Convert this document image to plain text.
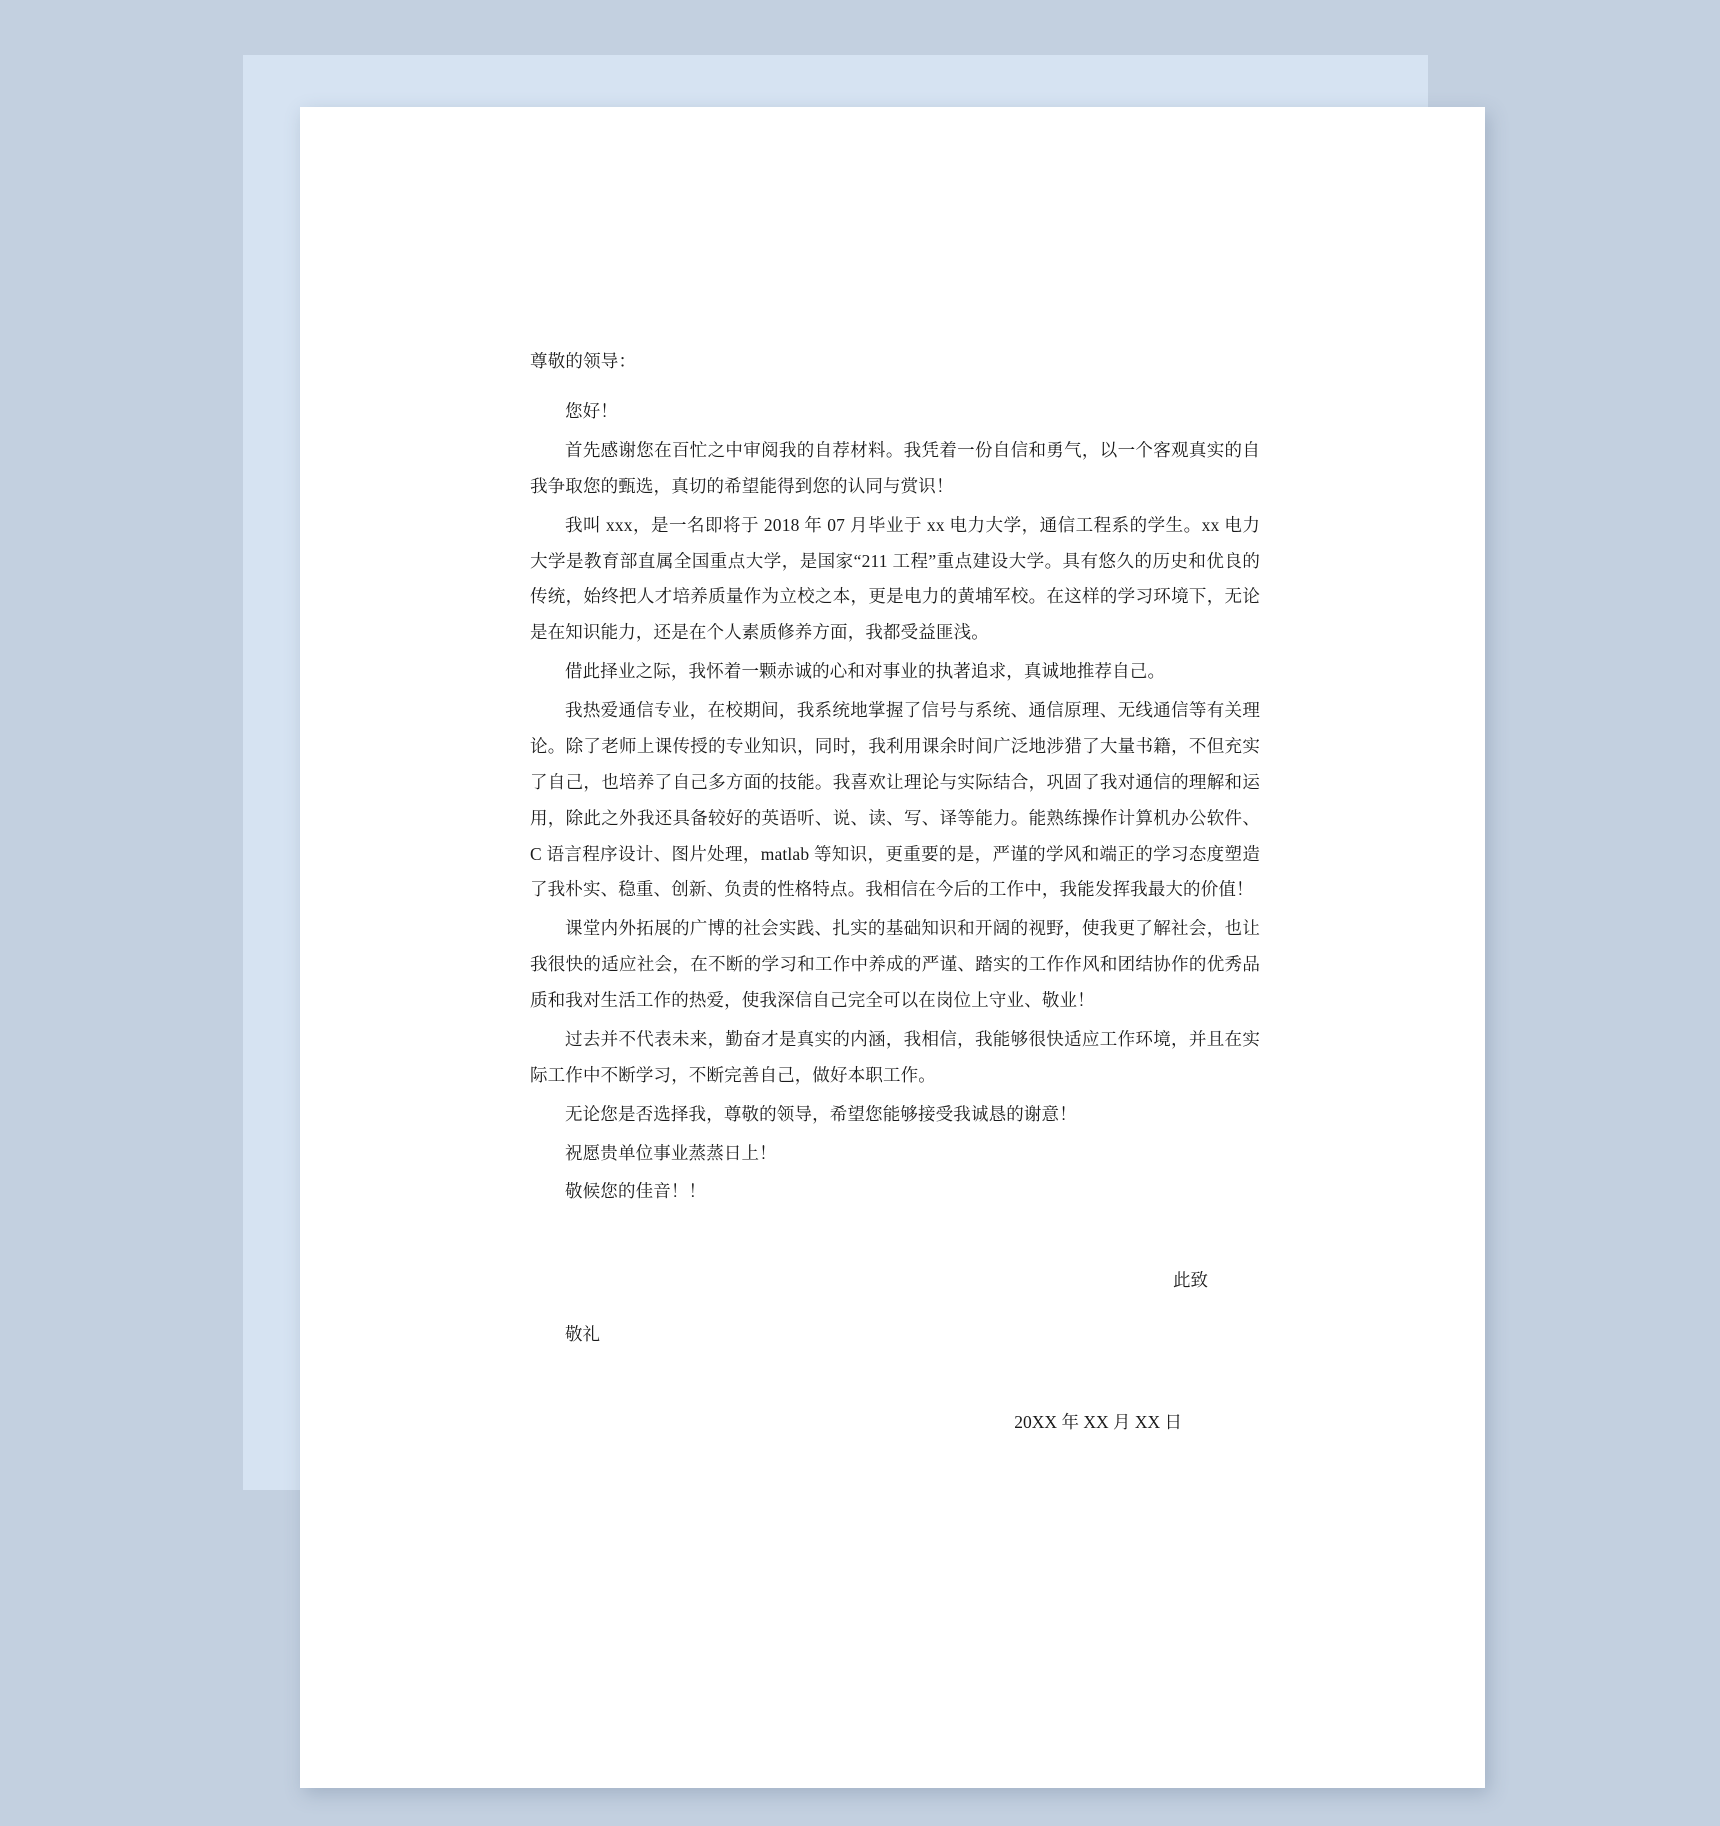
尊敬的领导：

您好！

首先感谢您在百忙之中审阅我的自荐材料。我凭着一份自信和勇气，以一个客观真实的自我争取您的甄选，真切的希望能得到您的认同与赏识！

我叫 xxx，是一名即将于 2018 年 07 月毕业于 xx 电力大学，通信工程系的学生。xx 电力大学是教育部直属全国重点大学，是国家“211 工程”重点建设大学。具有悠久的历史和优良的传统，始终把人才培养质量作为立校之本，更是电力的黄埔军校。在这样的学习环境下，无论是在知识能力，还是在个人素质修养方面，我都受益匪浅。

借此择业之际，我怀着一颗赤诚的心和对事业的执著追求，真诚地推荐自己。

我热爱通信专业，在校期间，我系统地掌握了信号与系统、通信原理、无线通信等有关理论。除了老师上课传授的专业知识，同时，我利用课余时间广泛地涉猎了大量书籍，不但充实了自己，也培养了自己多方面的技能。我喜欢让理论与实际结合，巩固了我对通信的理解和运用，除此之外我还具备较好的英语听、说、读、写、译等能力。能熟练操作计算机办公软件、C 语言程序设计、图片处理，matlab 等知识，更重要的是，严谨的学风和端正的学习态度塑造了我朴实、稳重、创新、负责的性格特点。我相信在今后的工作中，我能发挥我最大的价值！

课堂内外拓展的广博的社会实践、扎实的基础知识和开阔的视野，使我更了解社会，也让我很快的适应社会，在不断的学习和工作中养成的严谨、踏实的工作作风和团结协作的优秀品质和我对生活工作的热爱，使我深信自己完全可以在岗位上守业、敬业！

过去并不代表未来，勤奋才是真实的内涵，我相信，我能够很快适应工作环境，并且在实际工作中不断学习，不断完善自己，做好本职工作。

无论您是否选择我，尊敬的领导，希望您能够接受我诚恳的谢意！

祝愿贵单位事业蒸蒸日上！

敬候您的佳音！！

此致

敬礼

20XX 年 XX 月 XX 日
